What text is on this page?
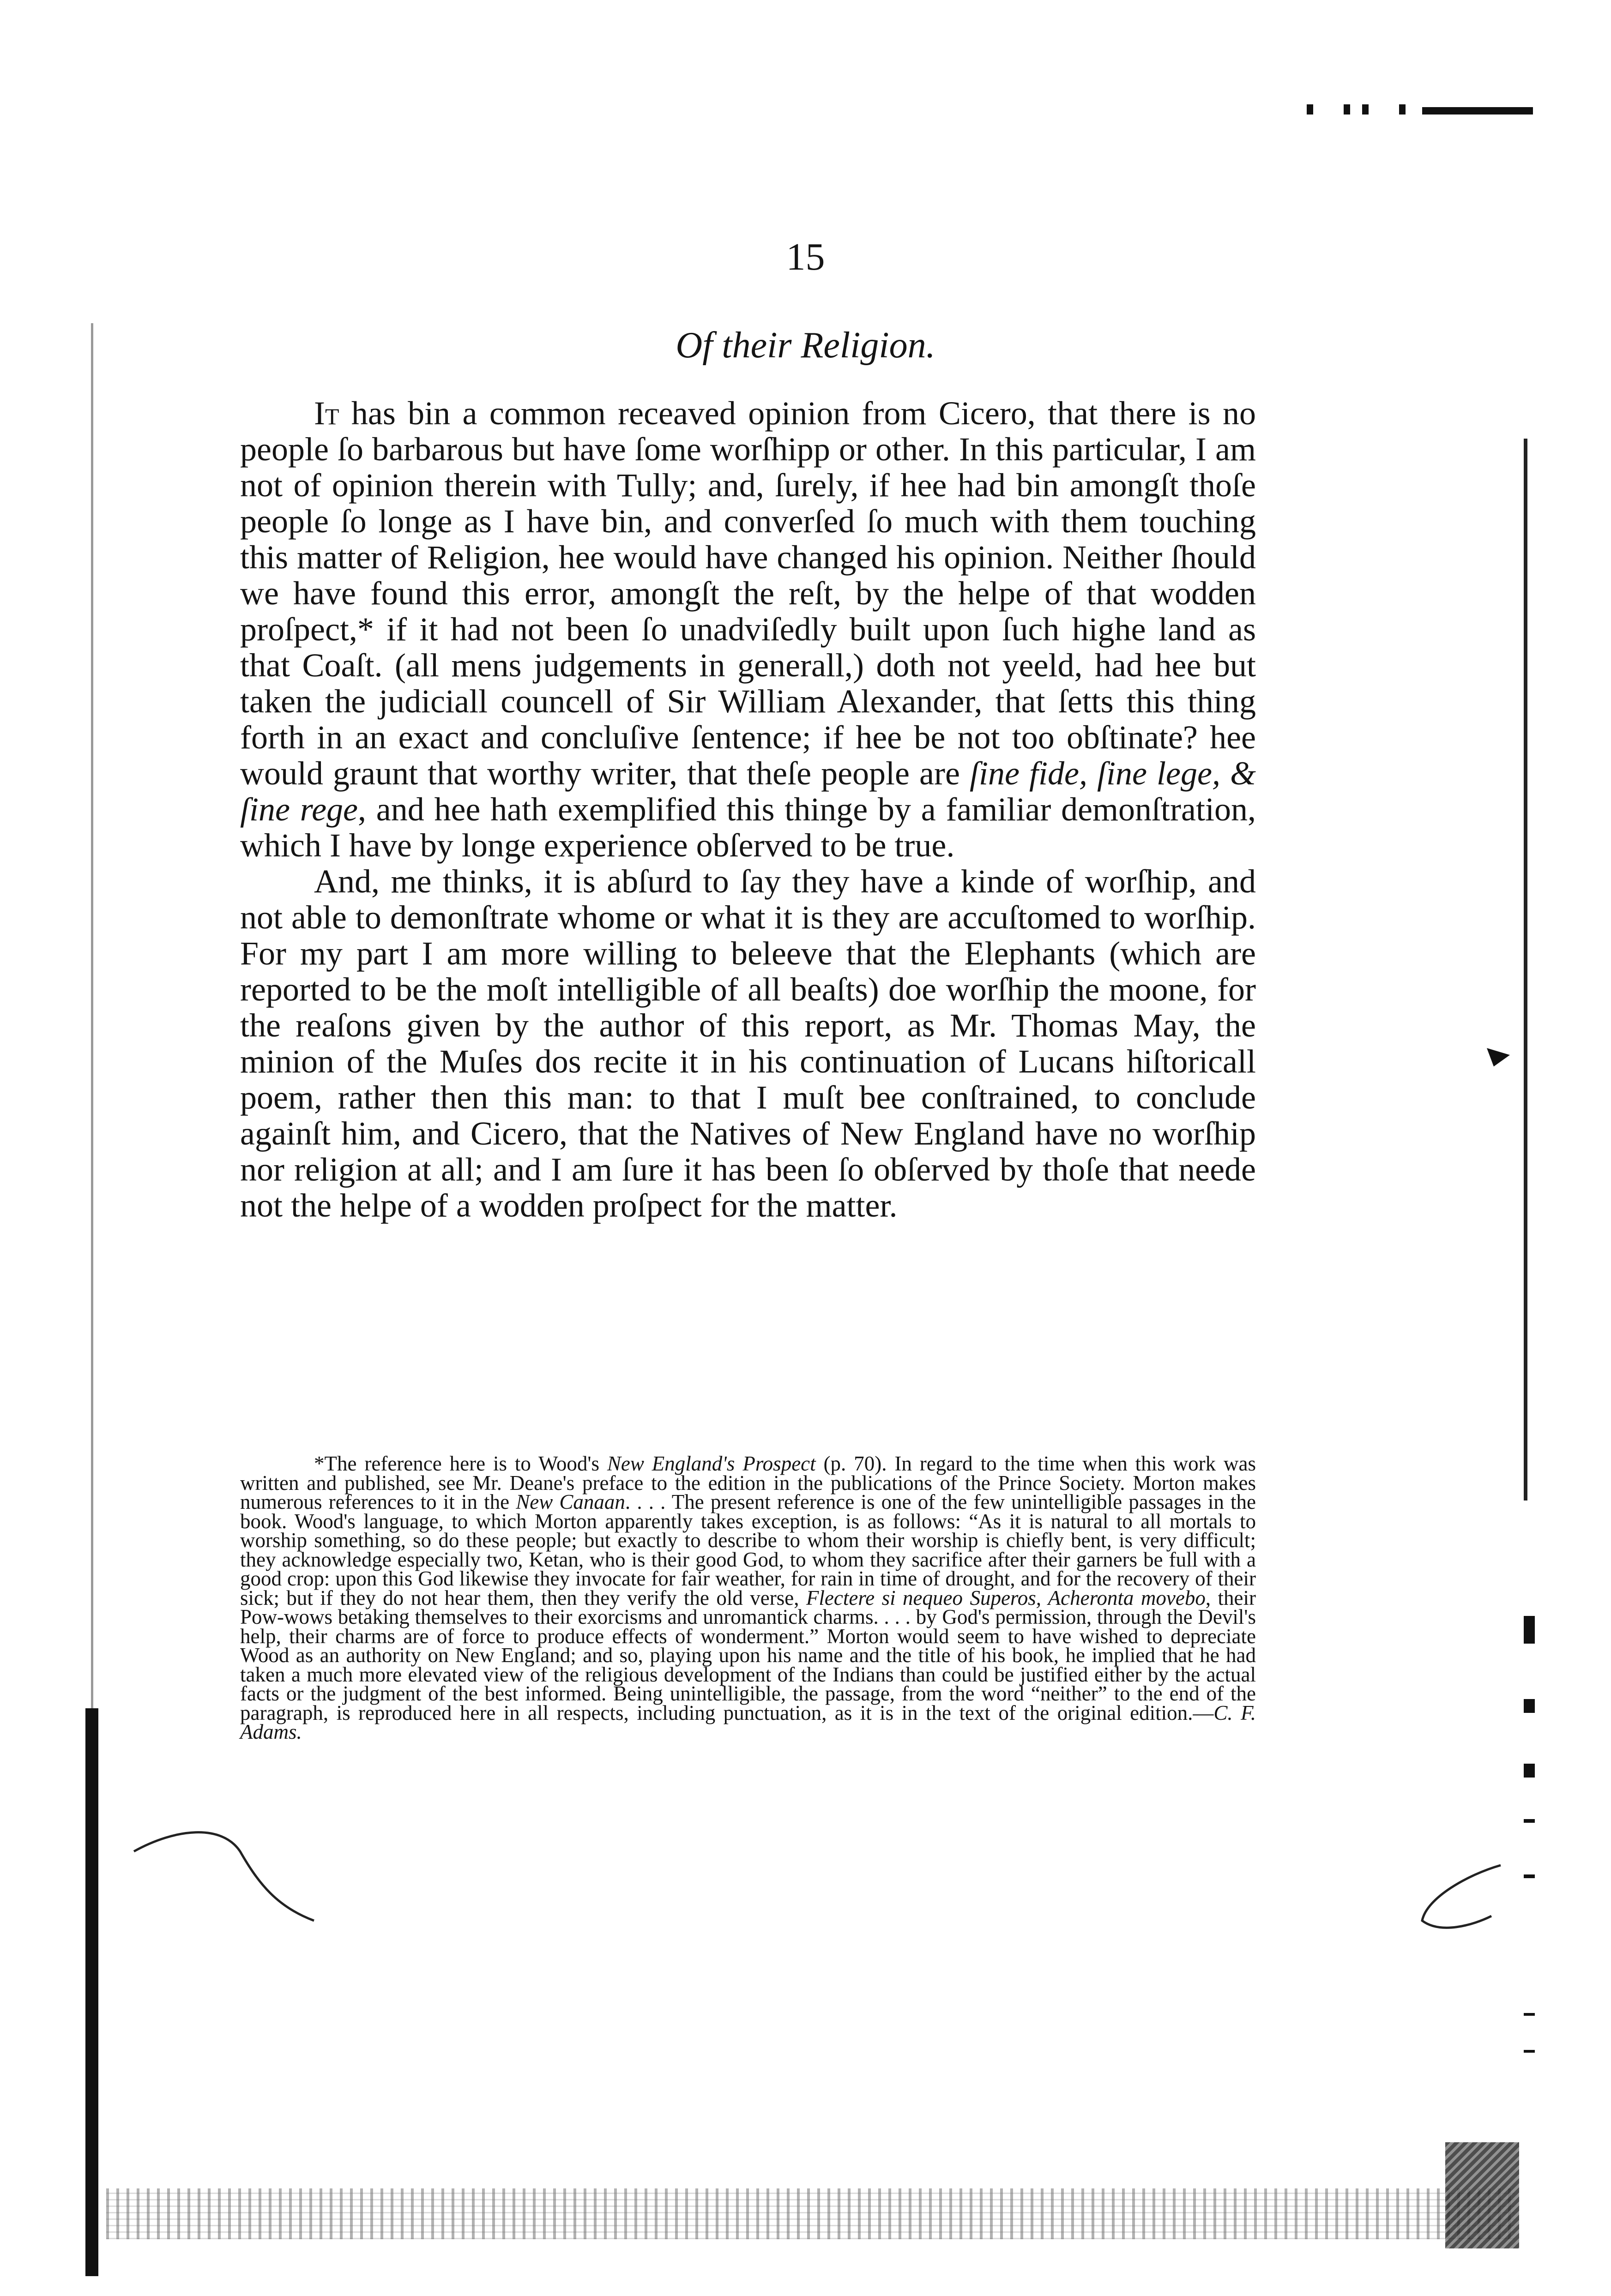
15
Of their Religion.

It has bin a common receaved opinion from Cicero, that there is no people ſo barbarous but have ſome worſhipp or other. In this particular, I am not of opinion therein with Tully; and, ſurely, if hee had bin amongſt thoſe people ſo longe as I have bin, and converſed ſo much with them touching this matter of Religion, hee would have changed his opinion. Neither ſhould we have found this error, amongſt the reſt, by the helpe of that wodden proſpect,* if it had not been ſo unadviſedly built upon ſuch highe land as that Coaſt. (all mens judgements in generall,) doth not yeeld, had hee but taken the judiciall councell of Sir William Alexander, that ſetts this thing forth in an exact and concluſive ſentence; if hee be not too obſtinate? hee would graunt that worthy writer, that theſe people are ſine fide, ſine lege, & ſine rege, and hee hath exemplified this thinge by a familiar demonſtration, which I have by longe experience obſerved to be true.

And, me thinks, it is abſurd to ſay they have a kinde of worſhip, and not able to demonſtrate whome or what it is they are accuſtomed to worſhip. For my part I am more willing to beleeve that the Elephants (which are reported to be the moſt intelligible of all beaſts) doe worſhip the moone, for the reaſons given by the author of this report, as Mr. Thomas May, the minion of the Muſes dos recite it in his continuation of Lucans hiſtoricall poem, rather then this man: to that I muſt bee conſtrained, to conclude againſt him, and Cicero, that the Natives of New England have no worſhip nor religion at all; and I am ſure it has been ſo obſerved by thoſe that neede not the helpe of a wodden proſpect for the matter.

*The reference here is to Wood's New England's Prospect (p. 70). In regard to the time when this work was written and published, see Mr. Deane's preface to the edition in the publications of the Prince Society. Morton makes numerous references to it in the New Canaan. . . . The present reference is one of the few unintelligible passages in the book. Wood's language, to which Morton apparently takes exception, is as follows: “As it is natural to all mortals to worship something, so do these people; but exactly to describe to whom their worship is chiefly bent, is very difficult; they acknowledge especially two, Ketan, who is their good God, to whom they sacrifice after their garners be full with a good crop: upon this God likewise they invocate for fair weather, for rain in time of drought, and for the recovery of their sick; but if they do not hear them, then they verify the old verse, Flectere si nequeo Superos, Acheronta movebo, their Pow-wows betaking themselves to their exorcisms and unromantick charms. . . . by God's permission, through the Devil's help, their charms are of force to produce effects of wonderment.” Morton would seem to have wished to depreciate Wood as an authority on New England; and so, playing upon his name and the title of his book, he implied that he had taken a much more elevated view of the religious development of the Indians than could be justified either by the actual facts or the judgment of the best informed. Being unintelligible, the passage, from the word “neither” to the end of the paragraph, is reproduced here in all respects, including punctuation, as it is in the text of the original edition.—C. F. Adams.
